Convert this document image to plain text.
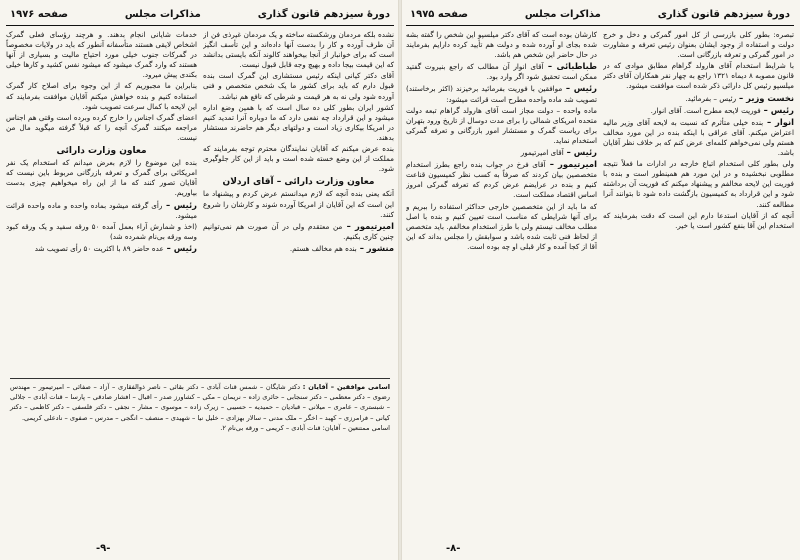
دورهٔ سیزدهم قانون گذاری
مذاکرات مجلس
صفحه ۱۹۷۶

نشده بلکه مردمان ورشکسته ساخته و یک مردمان غیرذی فن از آن طرف آورده و کار را بدست آنها داده‌اند و این تأسف انگیز است که برای خوانبار از آنجا بیخواهند کالوند آنکه بایستی بدانشد که این قیمت بیجا داده و بهیچ وجه قابل قبول نیست.

آقای دکتر کیانی اینکه رئیس مستشاری این گمرک است بنده قبول دارم که باید برای کشور ما یک شخص متخصص و فنی آورده شود ولی نه به هر قیمت و شرطی که نافع هم نباشد.

کشور ایران بطور کلی ده سال است که با همین وضع اداره میشود و این قرارداد چه نفعی دارد که ما دوباره آنرا تمدید کنیم در امریکا بیکاری زیاد است و دولتهای دیگر هم حاضرند مستشار بدهند.

بنده عرض میکنم که آقایان نمایندگان محترم توجه بفرمایند که مملکت از این وضع خسته شده است و باید از این کار جلوگیری شود.

معاون وزارت دارائی – آقای اردلان

آنکه یعنی بنده آنچه که لازم میدانستم عرض کردم و پیشنهاد ما این است که این آقایان از امریکا آورده شوند و کارشان را شروع کنند.

امیرتیمور – من معتقدم ولی در آن صورت هم نمی‌توانیم چنین کاری بکنیم.

منشور – بنده هم مخالف هستم.

خدمات شایانی انجام بدهند. و هرچند رؤسای فعلی گمرک اشخاص لایقی هستند متأسفانه آنطور که باید در ولایات مخصوصاً در گمرکات جنوب خیلی مورد احتیاج مالیت و بسیاری از آنها هستند که وارد گمرک میشود که میشود نفس کشید و کارها خیلی بکندی پیش میرود.

بنابراین ما مجبوریم که از این وجوه برای اصلاح کار گمرک استفاده کنیم و بنده خواهش میکنم آقایان موافقت بفرمایند که این لایحه با کمال سرعت تصویب شود.

اعضای گمرک اجناس را خارج کرده وبرده است وقتی هم اجناس مراجعه میکنند گمرک آنچه را که قبلاً گرفته میگوید مال من نیست.

معاون وزارت دارائی

بنده این موضوع را لازم بعرض میدانم که استخدام یک نفر امریکائی برای گمرک و تعرفه بازرگانی مربوط باین نیست که آقایان تصور کنند که ما از این راه میخواهیم چیزی بدست بیاوریم.

رئیس – رأی گرفته میشود بماده واحده و ماده واحده قرائت میشود.

(اخذ و شمارش آراء بعمل آمده ۵۰ ورقه سفید و یک ورقه کبود وسه ورقه بی‌نام شمرده شد)

رئیس – عده حاضر ۸۹ با اکثریت ۵۰ رأی تصویب شد

اسامی موافقین – آقایان : دکتر شایگان – شمس قنات آبادی – دکتر بقائی – ناصر ذوالفقاری – آزاد – صفائی – امیرتیمور – مهندس رضوی – دکتر معظمی – دکتر سنجابی – حائری زاده – نریمان – مکی – کشاورز صدر – اقبال – افشار صادقی – پارسا – قنات آبادی – جلالی – شبستری – عامری – میلانی – قبادیان – حمیدیه – حسیبی – زیرک زاده – موسوی – مشار – نجفی – دکتر فلسفی – دکتر کاظمی – دکتر کیانی – فرامرزی – کهبد – اخگر – ملک مدنی – سالار بهزادی – خلیل نیا – شهیدی – منصف – انگجی – مدرس – صفوی – نادعلی کریمی.
اسامی ممتنعین – آقایان: قنات آبادی – کریمی – ورقه بی‌نام ۲.
-۹-
دورهٔ سیزدهم قانون گذاری
مذاکرات مجلس
صفحه ۱۹۷۵

تبصره: بطور کلی بازرسی از کل امور گمرکی و دخل و خرج دولت و استفاده از وجود ایشان بعنوان رئیس تعرفه و مشاورت در امور گمرکی و تعرفه بازرگانی است.

با شرایط استخدام آقای هارولد گراهام مطابق موادی که در قانون مصوبه ۸ دیماه ۱۳۲۱ راجع به چهار نفر همکاران آقای دکتر میلسپو رئیس کل دارائی ذکر شده است موافقت میشود.

نخست وزیر – رئیس – بفرمائید.

رئیس – فوریت لایحه مطرح است. آقای انوار.

انوار – بنده خیلی متأثرم که نسبت به لایحه آقای وزیر مالیه اعتراض میکنم. آقای عراقی با اینکه بنده در این مورد مخالف هستم ولی نمی‌خواهم کلمه‌ای عرض کنم که بر خلاف نظر آقایان باشد.

ولی بطور کلی استخدام اتباع خارجه در ادارات ما فعلاً نتیجه مطلوبی نبخشیده و در این مورد هم همینطور است و بنده با فوریت این لایحه مخالفم و پیشنهاد میکنم که فوریت آن برداشته شود و این قرارداد به کمیسیون بازگشت داده شود تا بتوانند آنرا مطالعه کنند.

آنچه که از آقایان استدعا دارم این است که دقت بفرمایند که استخدام این آقا بنفع کشور است یا خیر.

کارشان بوده است که آقای دکتر میلسپو این شخص را گفته بشه شده بجای او آورده شده و دولت هم تأیید کرده دارایم بفرمایند در حال حاضر این شخص هم باشد.

طباطبائی – آقای انوار آن مطالب که راجع بنیروت گفتید ممکن است تحقیق شود اگر وارد بود.

رئیس – موافقین با فوریت بفرمائید برخیزند (اکثر برخاستند) تصویب شد ماده واحده مطرح است قرائت میشود:

ماده واحده – دولت مجاز است آقای هارولد گراهام تبعه دولت متحده امریکای شمالی را برای مدت دوسال از تاریخ ورود بتهران برای ریاست گمرک و مستشار امور بازرگانی و تعرفه گمرکی استخدام نماید.

رئیس – آقای امیرتیمور

امیرتیمور – آقای فرخ در جواب بنده راجع بطرز استخدام متخصصین بیان کردند که صرفاً به کسب نظر کمیسیون قناعت کنیم و بنده در عرایضم عرض کردم که تعرفه گمرکی امروز اساس اقتصاد مملکت است.

که ما باید از این متخصصین خارجی حداکثر استفاده را ببریم و برای آنها شرایطی که مناسب است تعیین کنیم و بنده با اصل مطلب مخالف نیستم ولی با طرز استخدام مخالفم. باید متخصص از لحاظ فنی ثابت شده باشد و سوابقش را مجلس بداند که این آقا از کجا آمده و کار قبلی او چه بوده است.

-۸-
